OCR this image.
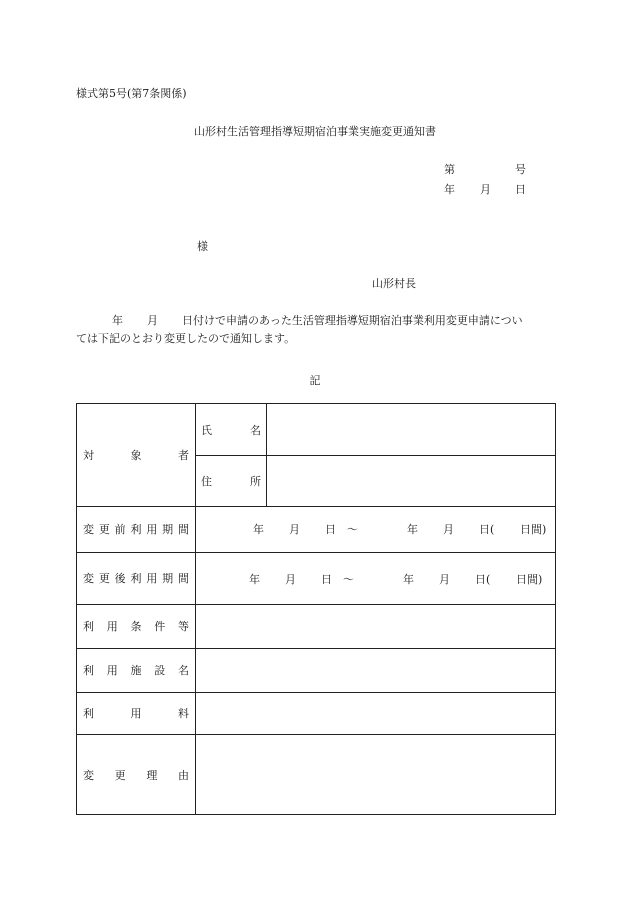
様式第5号(第7条関係)
山形村生活管理指導短期宿泊事業実施変更通知書
第	号
年 月 日
様
山形村長
年 月 日付けで申請のあった生活管理指導短期宿泊事業利用変更申請につい
ては下記のとおり変更したので通知します。
記
対	象	者
氏	名
住	所
変 更 前 利 用 期 間	年 月 日 ～	年 月 日( 日間)
変 更 後 利 用 期 間	年 月 日 ～	年 月 日( 日間)
利 用 条 件 等
利 用 施 設 名
利	用	料
変 更 理 由
